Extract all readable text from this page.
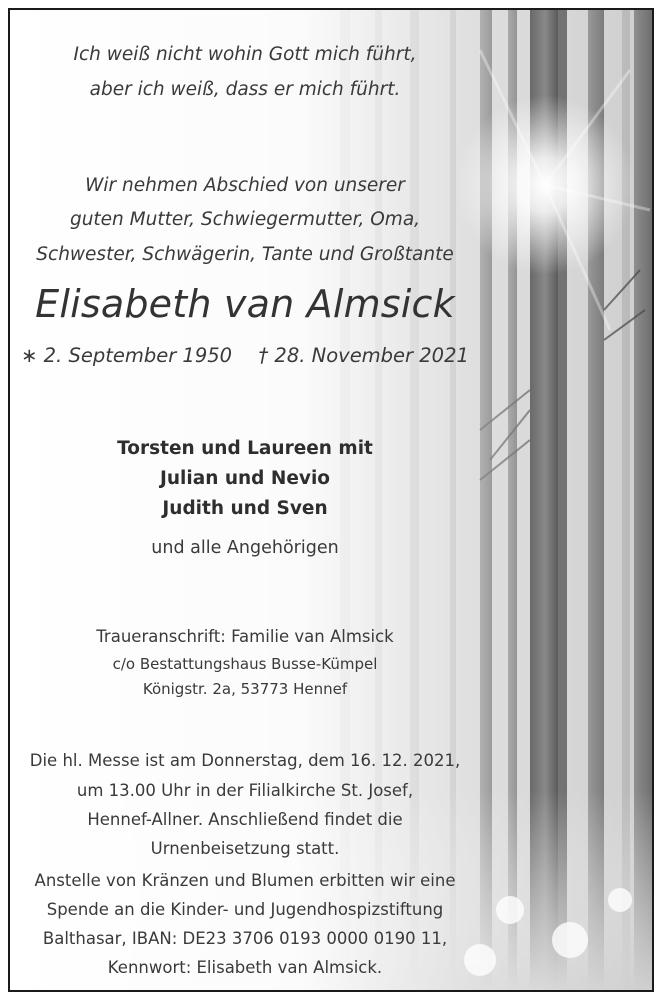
Ich weiß nicht wohin Gott mich führt,
aber ich weiß, dass er mich führt.
Wir nehmen Abschied von unserer
guten Mutter, Schwiegermutter, Oma,
Schwester, Schwägerin, Tante und Großtante
Elisabeth van Almsick
∗ 2. September 1950 † 28. November 2021
Torsten und Laureen mit
Julian und Nevio
Judith und Sven
und alle Angehörigen
Traueranschrift: Familie van Almsick
c/o Bestattungshaus Busse-Kümpel
Königstr. 2a, 53773 Hennef
Die hl. Messe ist am Donnerstag, dem 16. 12. 2021,
um 13.00 Uhr in der Filialkirche St. Josef,
Hennef-Allner. Anschließend findet die
Urnenbeisetzung statt.
Anstelle von Kränzen und Blumen erbitten wir eine
Spende an die Kinder- und Jugendhospizstiftung
Balthasar, IBAN: DE23 3706 0193 0000 0190 11,
Kennwort: Elisabeth van Almsick.
